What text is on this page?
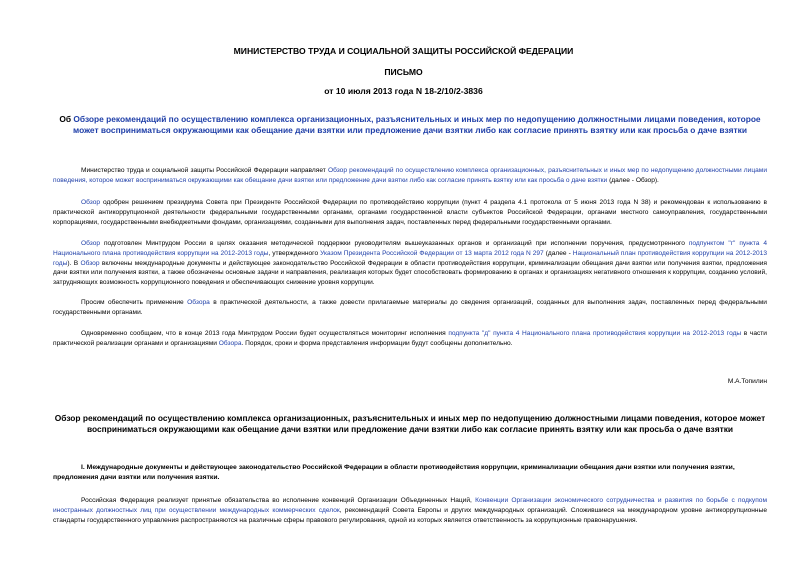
МИНИСТЕРСТВО ТРУДА И СОЦИАЛЬНОЙ ЗАЩИТЫ РОССИЙСКОЙ ФЕДЕРАЦИИ
ПИСЬМО
от 10 июля 2013 года N 18-2/10/2-3836
Об Обзоре рекомендаций по осуществлению комплекса организационных, разъяснительных и иных мер по недопущению должностными лицами поведения, которое может восприниматься окружающими как обещание дачи взятки или предложение дачи взятки либо как согласие принять взятку или как просьба о даче взятки
Министерство труда и социальной защиты Российской Федерации направляет Обзор рекомендаций по осуществлению комплекса организационных, разъяснительных и иных мер по недопущению должностными лицами поведения, которое может восприниматься окружающими как обещание дачи взятки или предложение дачи взятки либо как согласие принять взятку или как просьба о даче взятки (далее - Обзор).
Обзор одобрен решением президиума Совета при Президенте Российской Федерации по противодействию коррупции (пункт 4 раздела 4.1 протокола от 5 июня 2013 года N 38) и рекомендован к использованию в практической антикоррупционной деятельности федеральными государственными органами, органами государственной власти субъектов Российской Федерации, органами местного самоуправления, государственными корпорациями, государственными внебюджетными фондами, организациями, созданными для выполнения задач, поставленных перед федеральными государственными органами.
Обзор подготовлен Минтрудом России в целях оказания методической поддержки руководителям вышеуказанных органов и организаций при исполнении поручения, предусмотренного подпунктом "г" пункта 4 Национального плана противодействия коррупции на 2012-2013 годы, утвержденного Указом Президента Российской Федерации от 13 марта 2012 года N 297 (далее - Национальный план противодействия коррупции на 2012-2013 годы). В Обзор включены международные документы и действующее законодательство Российской Федерации в области противодействия коррупции, криминализации обещания дачи взятки или получения взятки, предложения дачи взятки или получения взятки, а также обозначены основные задачи и направления, реализация которых будет способствовать формированию в органах и организациях негативного отношения к коррупции, созданию условий, затрудняющих возможность коррупционного поведения и обеспечивающих снижение уровня коррупции.
Просим обеспечить применение Обзора в практической деятельности, а также довести прилагаемые материалы до сведения организаций, созданных для выполнения задач, поставленных перед федеральными государственными органами.
Одновременно сообщаем, что в конце 2013 года Минтрудом России будет осуществляться мониторинг исполнения подпункта "д" пункта 4 Национального плана противодействия коррупции на 2012-2013 годы в части практической реализации органами и организациями Обзора. Порядок, сроки и форма представления информации будут сообщены дополнительно.
М.А.Топилин
Обзор рекомендаций по осуществлению комплекса организационных, разъяснительных и иных мер по недопущению должностными лицами поведения, которое может восприниматься окружающими как обещание дачи взятки или предложение дачи взятки либо как согласие принять взятку или как просьба о даче взятки
I. Международные документы и действующее законодательство Российской Федерации в области противодействия коррупции, криминализации обещания дачи взятки или получения взятки, предложения дачи взятки или получения взятки.
Российская Федерация реализует принятые обязательства во исполнение конвенций Организации Объединенных Наций, Конвенции Организации экономического сотрудничества и развития по борьбе с подкупом иностранных должностных лиц при осуществлении международных коммерческих сделок, рекомендаций Совета Европы и других международных организаций. Сложившиеся на международном уровне антикоррупционные стандарты государственного управления распространяются на различные сферы правового регулирования, одной из которых является ответственность за коррупционные правонарушения.
